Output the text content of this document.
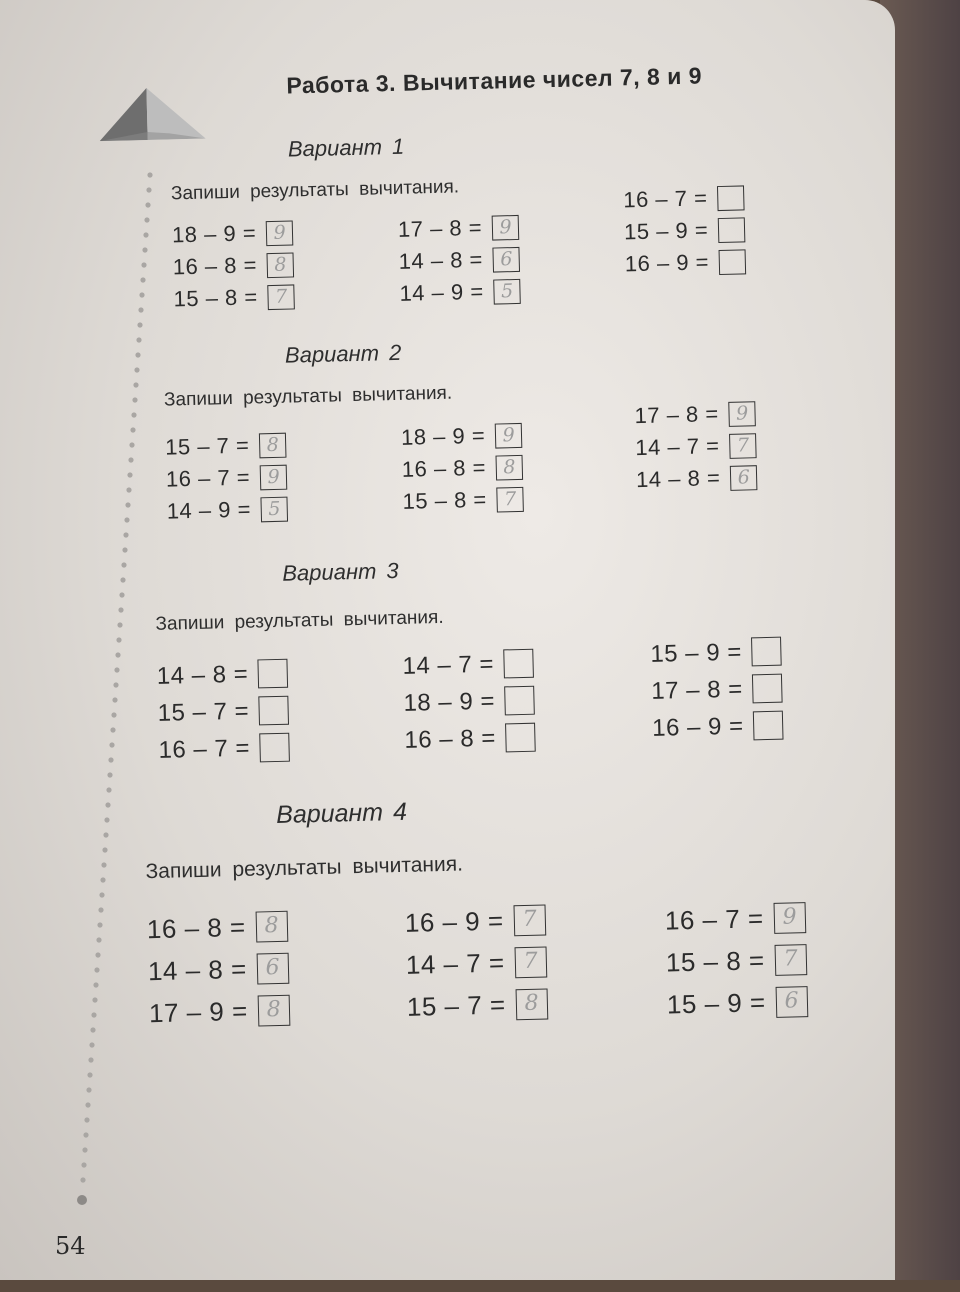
Работа 3. Вычитание чисел 7, 8 и 9
Вариант 1
Запиши результаты вычитания.
18 – 9 = 9
16 – 8 = 8
15 – 8 = 7
17 – 8 = 9
14 – 8 = 6
14 – 9 = 5
16 – 7 =
15 – 9 =
16 – 9 =
Вариант 2
Запиши результаты вычитания.
15 – 7 = 8
16 – 7 = 9
14 – 9 = 5
18 – 9 = 9
16 – 8 = 8
15 – 8 = 7
17 – 8 = 9
14 – 7 = 7
14 – 8 = 6
Вариант 3
Запиши результаты вычитания.
14 – 8 =
15 – 7 =
16 – 7 =
14 – 7 =
18 – 9 =
16 – 8 =
15 – 9 =
17 – 8 =
16 – 9 =
Вариант 4
Запиши результаты вычитания.
16 – 8 = 8
14 – 8 = 6
17 – 9 = 8
16 – 9 = 7
14 – 7 = 7
15 – 7 = 8
16 – 7 = 9
15 – 8 = 7
15 – 9 = 6
54
